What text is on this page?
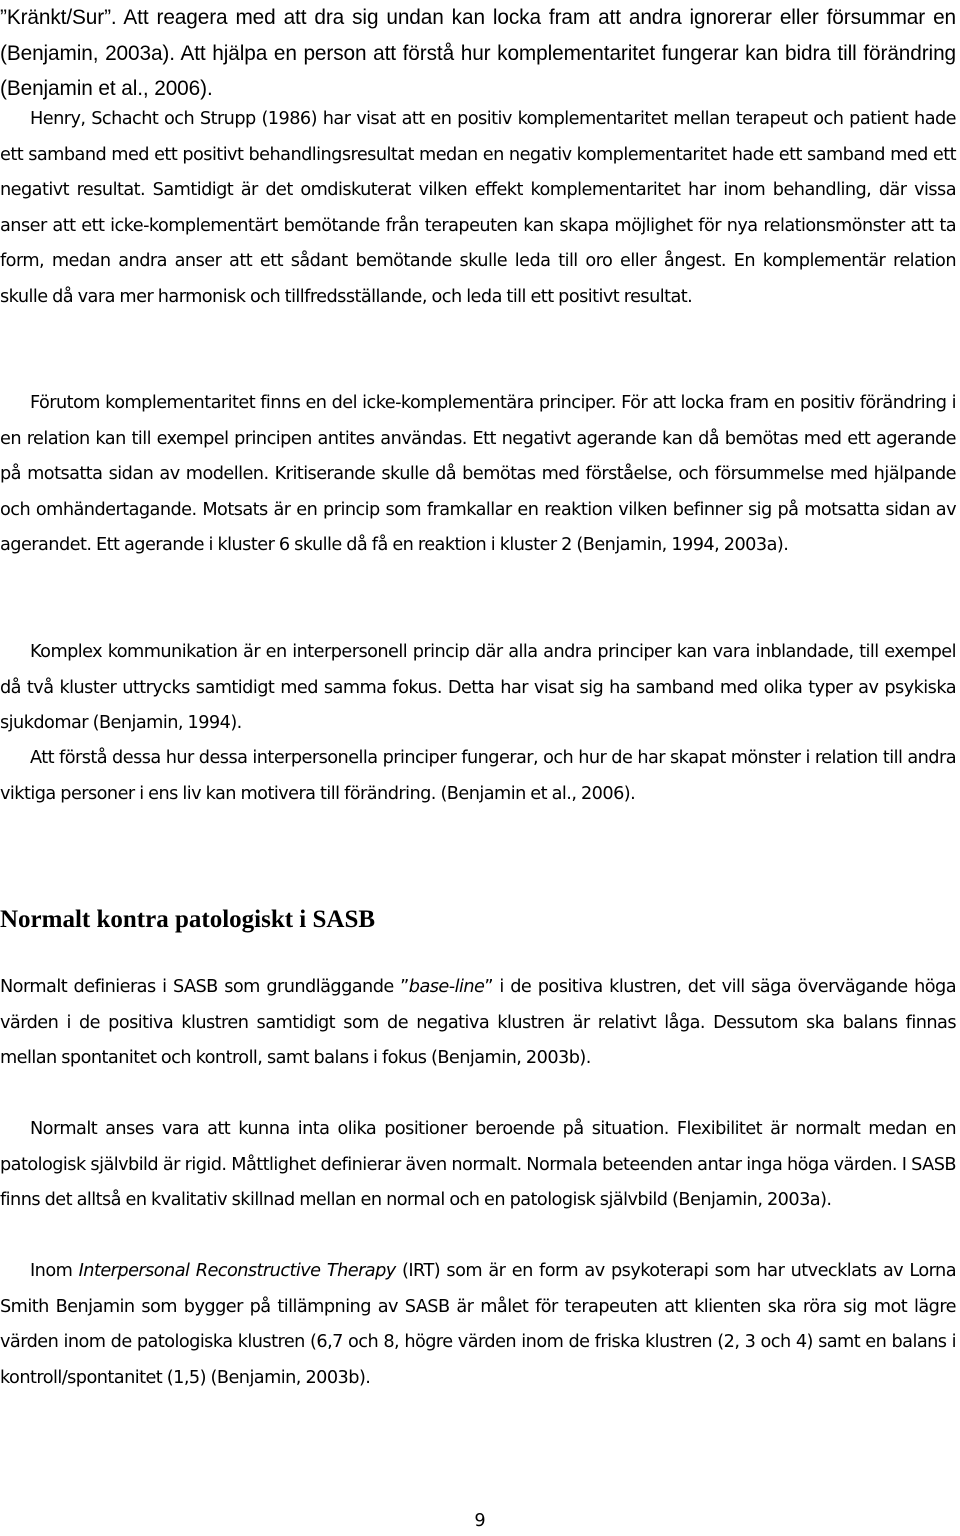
”Kränkt/Sur”. Att reagera med att dra sig undan kan locka fram att andra ignorerar eller försummar en (Benjamin, 2003a). Att hjälpa en person att förstå hur komplementaritet fungerar kan bidra till förändring (Benjamin et al., 2006).

Henry, Schacht och Strupp (1986) har visat att en positiv komplementaritet mellan terapeut och patient hade ett samband med ett positivt behandlingsresultat medan en negativ komplementaritet hade ett samband med ett negativt resultat. Samtidigt är det omdiskuterat vilken effekt komplementaritet har inom behandling, där vissa anser att ett icke-komplementärt bemötande från terapeuten kan skapa möjlighet för nya relationsmönster att ta form, medan andra anser att ett sådant bemötande skulle leda till oro eller ångest. En komplementär relation skulle då vara mer harmonisk och tillfredsställande, och leda till ett positivt resultat.

Förutom komplementaritet finns en del icke-komplementära principer. För att locka fram en positiv förändring i en relation kan till exempel principen antites användas. Ett negativt agerande kan då bemötas med ett agerande på motsatta sidan av modellen. Kritiserande skulle då bemötas med förståelse, och försummelse med hjälpande och omhändertagande. Motsats är en princip som framkallar en reaktion vilken befinner sig på motsatta sidan av agerandet. Ett agerande i kluster 6 skulle då få en reaktion i kluster 2 (Benjamin, 1994, 2003a).

Komplex kommunikation är en interpersonell princip där alla andra principer kan vara inblandade, till exempel då två kluster uttrycks samtidigt med samma fokus. Detta har visat sig ha samband med olika typer av psykiska sjukdomar (Benjamin, 1994).

Att förstå dessa hur dessa interpersonella principer fungerar, och hur de har skapat mönster i relation till andra viktiga personer i ens liv kan motivera till förändring. (Benjamin et al., 2006).

Normalt kontra patologiskt i SASB

Normalt definieras i SASB som grundläggande ”base-line” i de positiva klustren, det vill säga övervägande höga värden i de positiva klustren samtidigt som de negativa klustren är relativt låga. Dessutom ska balans finnas mellan spontanitet och kontroll, samt balans i fokus (Benjamin, 2003b).

Normalt anses vara att kunna inta olika positioner beroende på situation. Flexibilitet är normalt medan en patologisk självbild är rigid. Måttlighet definierar även normalt. Normala beteenden antar inga höga värden. I SASB finns det alltså en kvalitativ skillnad mellan en normal och en patologisk självbild (Benjamin, 2003a).

Inom Interpersonal Reconstructive Therapy (IRT) som är en form av psykoterapi som har utvecklats av Lorna Smith Benjamin som bygger på tillämpning av SASB är målet för terapeuten att klienten ska röra sig mot lägre värden inom de patologiska klustren (6,7 och 8, högre värden inom de friska klustren (2, 3 och 4) samt en balans i kontroll/spontanitet (1,5) (Benjamin, 2003b).

9
